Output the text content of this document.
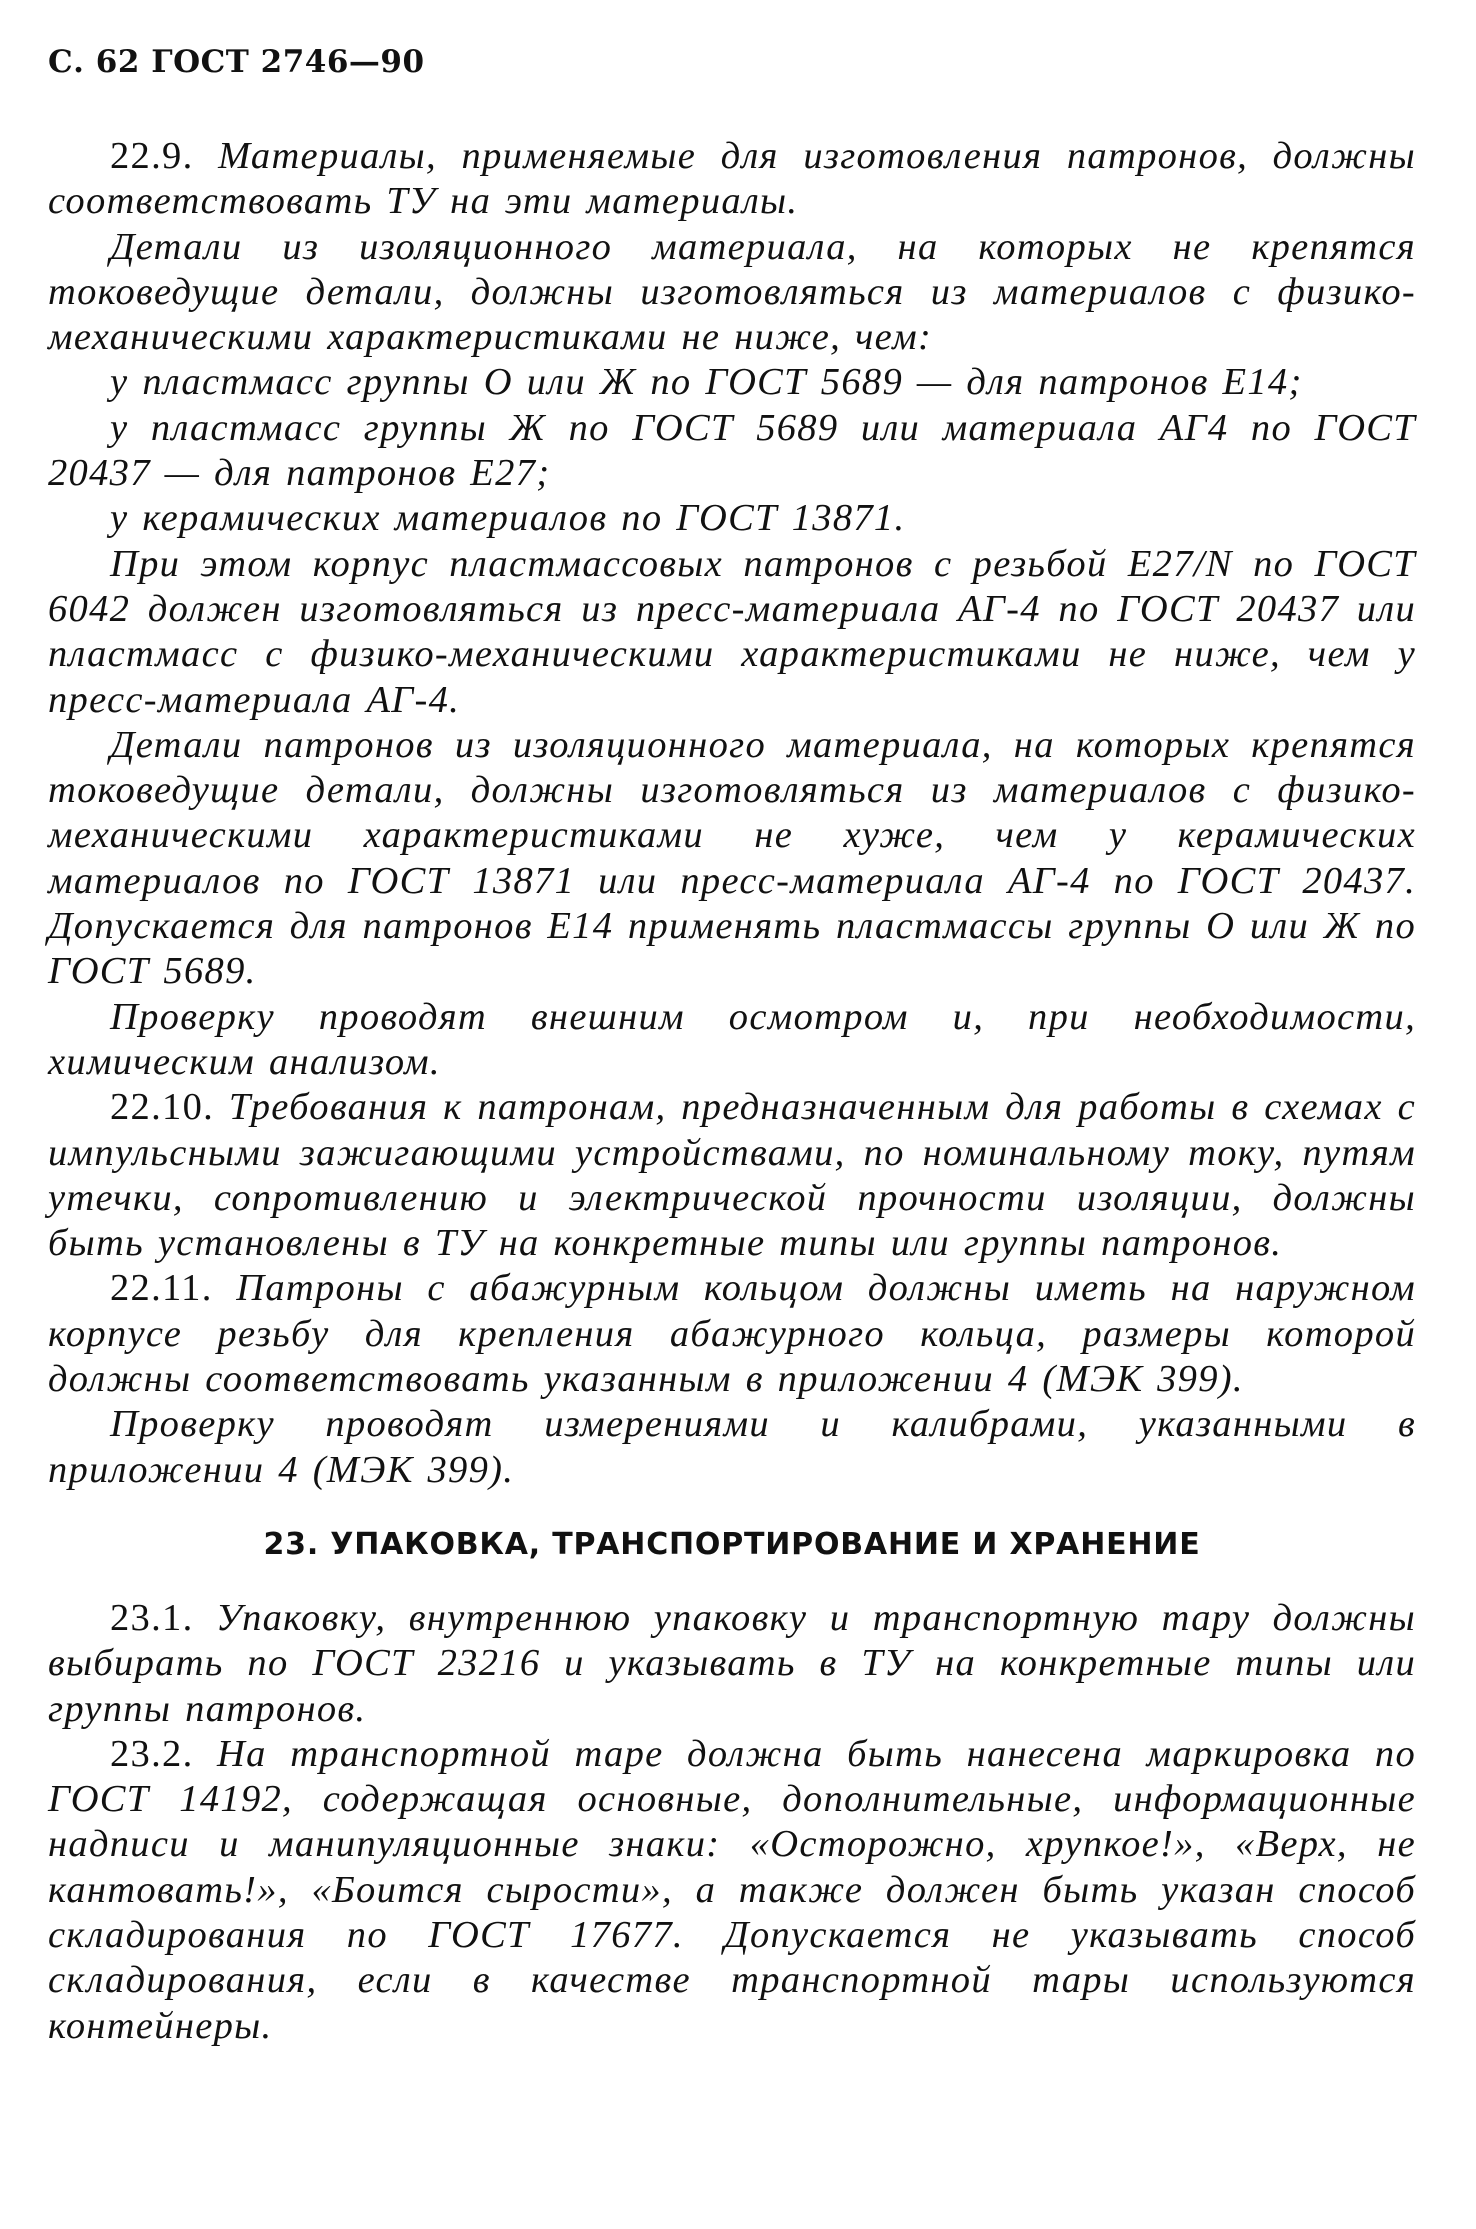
С. 62 ГОСТ 2746—90

22.9. Материалы, применяемые для изготовления патронов, должны соответствовать ТУ на эти материалы.

Детали из изоляционного материала, на которых не крепятся токоведущие детали, должны изготовляться из материалов с физико-механическими характеристиками не ниже, чем:

у пластмасс группы О или Ж по ГОСТ 5689 — для патронов Е14;

у пластмасс группы Ж по ГОСТ 5689 или материала АГ4 по ГОСТ 20437 — для патронов Е27;

у керамических материалов по ГОСТ 13871.

При этом корпус пластмассовых патронов с резьбой Е27/N по ГОСТ 6042 должен изготовляться из пресс-материала АГ-4 по ГОСТ 20437 или пластмасс с физико-механическими характеристиками не ниже, чем у пресс-материала АГ-4.

Детали патронов из изоляционного материала, на которых крепятся токоведущие детали, должны изготовляться из материалов с физико-механическими характеристиками не хуже, чем у керамических материалов по ГОСТ 13871 или пресс-материала АГ-4 по ГОСТ 20437. Допускается для патронов Е14 применять пластмассы группы О или Ж по ГОСТ 5689.

Проверку проводят внешним осмотром и, при необходимости, химическим анализом.

22.10. Требования к патронам, предназначенным для работы в схемах с импульсными зажигающими устройствами, по номинальному току, путям утечки, сопротивлению и электрической прочности изоляции, должны быть установлены в ТУ на конкретные типы или группы патронов.

22.11. Патроны с абажурным кольцом должны иметь на наружном корпусе резьбу для крепления абажурного кольца, размеры которой должны соответствовать указанным в приложении 4 (МЭК 399).

Проверку проводят измерениями и калибрами, указанными в приложении 4 (МЭК 399).

23. УПАКОВКА, ТРАНСПОРТИРОВАНИЕ И ХРАНЕНИЕ

23.1. Упаковку, внутреннюю упаковку и транспортную тару должны выбирать по ГОСТ 23216 и указывать в ТУ на конкретные типы или группы патронов.

23.2. На транспортной таре должна быть нанесена маркировка по ГОСТ 14192, содержащая основные, дополнительные, информационные надписи и манипуляционные знаки: «Осторожно, хрупкое!», «Верх, не кантовать!», «Боится сырости», а также должен быть указан способ складирования по ГОСТ 17677. Допускается не указывать способ складирования, если в качестве транспортной тары используются контейнеры.
